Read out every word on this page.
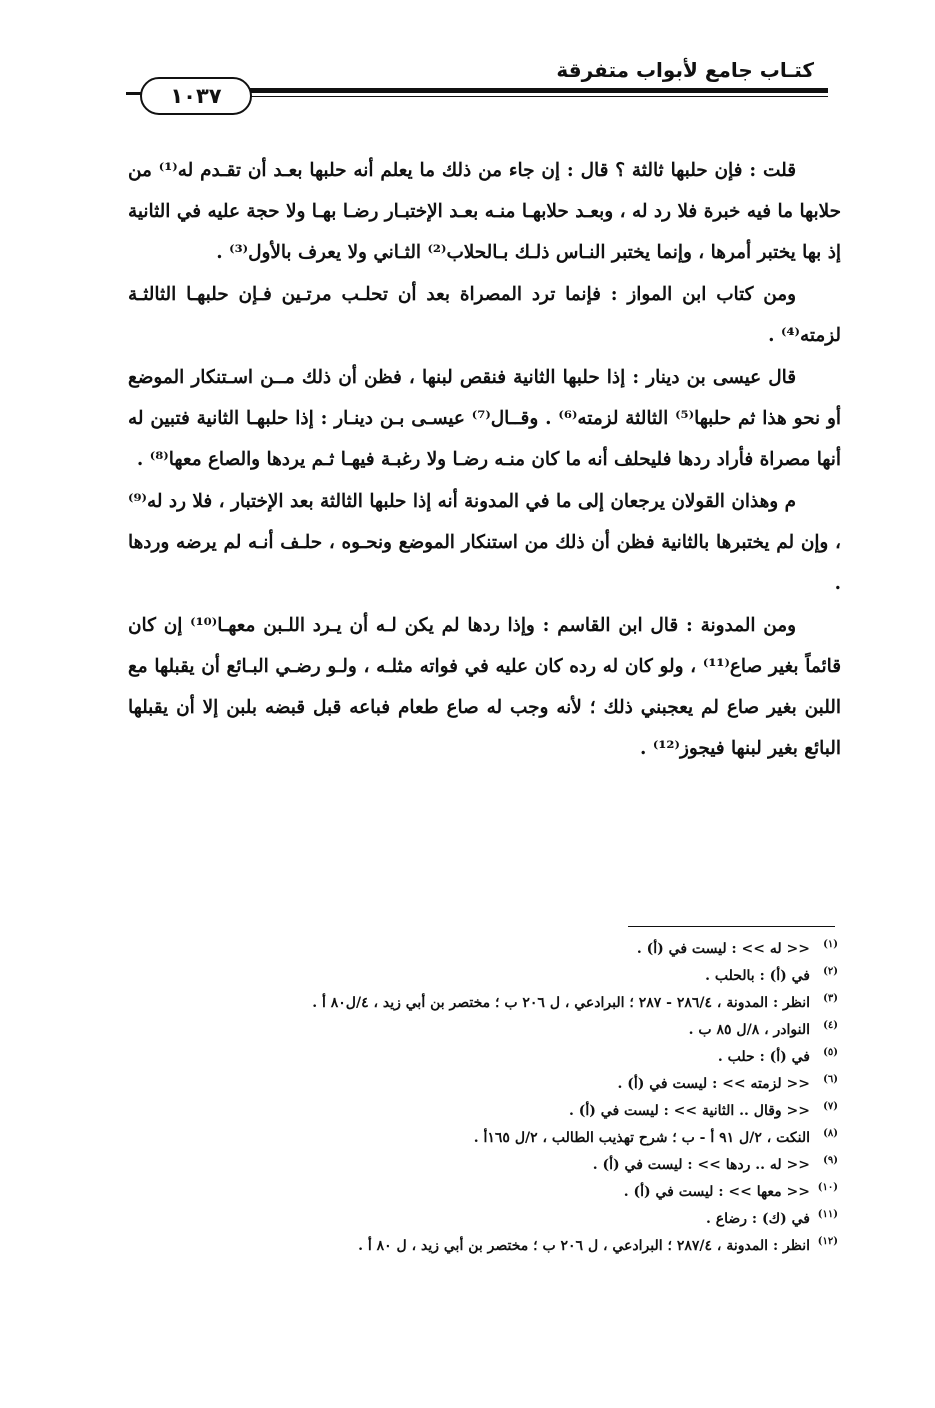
كتـاب جامع لأبواب متفرقة
١٠٣٧

قلت : فإن حلبها ثالثة ؟ قال : إن جاء من ذلك ما يعلم أنه حلبها بعـد أن تقـدم له⁽¹⁾ من حلابها ما فيه خبرة فلا رد له ، وبعـد حلابهـا منـه بعـد الإختبـار رضـا بهـا ولا حجة عليه في الثانية إذ بها يختبر أمرها ، وإنما يختبر النـاس ذلـك بـالحلاب⁽²⁾ الثـاني ولا يعرف بالأول⁽³⁾ .

ومن كتاب ابن المواز : فإنما ترد المصراة بعد أن تحلـب مرتـين فـإن حلبهـا الثالثـة لزمته⁽⁴⁾ .

قال عيسى بن دينار : إذا حلبها الثانية فنقص لبنها ، فظن أن ذلك مــن اسـتنكار الموضع أو نحو هذا ثم حلبها⁽⁵⁾ الثالثة لزمته⁽⁶⁾ . وقــال⁽⁷⁾ عيسـى بـن دينـار : إذا حلبهـا الثانية فتبين له أنها مصراة فأراد ردها فليحلف أنه ما كان منـه رضـا ولا رغبـة فيهـا ثـم يردها والصاع معها⁽⁸⁾ .

م وهذان القولان يرجعان إلى ما في المدونة أنه إذا حلبها الثالثة بعد الإختبار ، فلا رد له⁽⁹⁾ ، وإن لم يختبرها بالثانية فظن أن ذلك من استنكار الموضع ونحـوه ، حلـف أنـه لم يرضه وردها .

ومن المدونة : قال ابن القاسم : وإذا ردها لم يكن لـه أن يـرد اللـبن معهـا⁽¹⁰⁾ إن كان قائماً بغير صاع⁽¹¹⁾ ، ولو كان له رده كان عليه في فواته مثلـه ، ولـو رضـي البـائع أن يقبلها مع اللبن بغير صاع لم يعجبني ذلك ؛ لأنه وجب له صاع طعام فباعه قبل قبضه بلبن إلا أن يقبلها البائع بغير لبنها فيجوز⁽¹²⁾ .

(١)<< له >> : ليست في (أ) .
(٢)في (أ) : بالحلب .
(٣)انظر : المدونة ، ٢٨٦/٤ - ٢٨٧ ؛ البرادعي ، ل ٢٠٦ ب ؛ مختصر بن أبي زيد ، ٤/ل٨٠ أ .
(٤)النوادر ، ٨/ل ٨٥ ب .
(٥)في (أ) : حلب .
(٦)<< لزمته >> : ليست في (أ) .
(٧)<< وقال .. الثانية >> : ليست في (أ) .
(٨)النكت ، ٢/ل ٩١ أ - ب ؛ شرح تهذيب الطالب ، ٢/ل ١٦٥أ .
(٩)<< له .. ردها >> : ليست في (أ) .
(١٠)<< معها >> : ليست في (أ) .
(١١)في (ك) : رضاع .
(١٢)انظر : المدونة ، ٢٨٧/٤ ؛ البرادعي ، ل ٢٠٦ ب ؛ مختصر بن أبي زيد ، ل ٨٠ أ .
